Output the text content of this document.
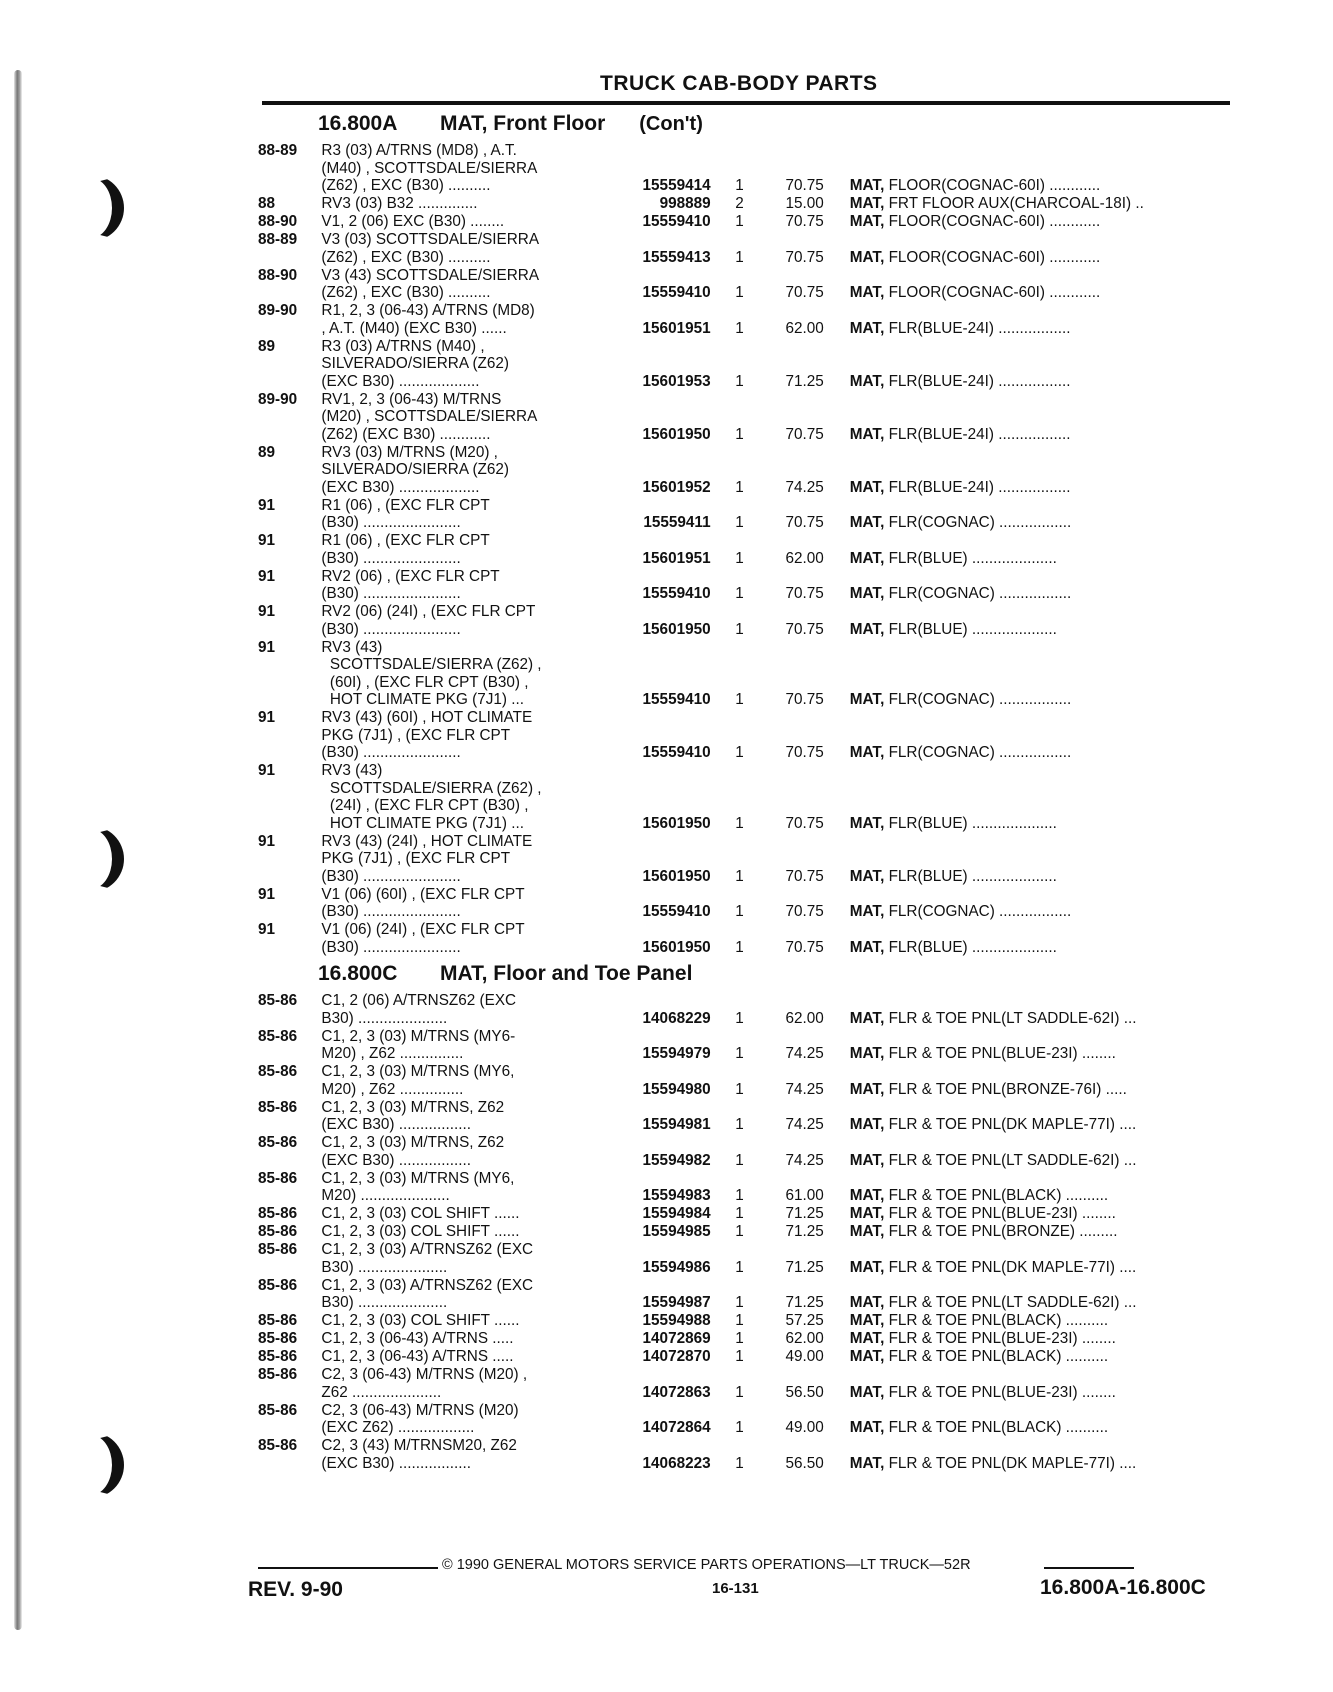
TRUCK CAB-BODY PARTS
16.800A	MAT, Front Floor (Con't)
88-89	R3 (03) A/TRNS (MD8) , A.T.
(M40) , SCOTTSDALE/SIERRA
(Z62) , EXC (B30) ..........	15559414	1	70.75 MAT, FLOOR(COGNAC-60I) ............
88	RV3 (03) B32 ..............	998889	2	15.00 MAT, FRT FLOOR AUX(CHARCOAL-18I) ..
88-90	V1, 2 (06) EXC (B30) ........	15559410	1	70.75 MAT, FLOOR(COGNAC-60I) ............
88-89	V3 (03) SCOTTSDALE/SIERRA
(Z62) , EXC (B30) ..........	15559413	1	70.75 MAT, FLOOR(COGNAC-60I) ............
88-90	V3 (43) SCOTTSDALE/SIERRA
(Z62) , EXC (B30) ..........	15559410	1	70.75 MAT, FLOOR(COGNAC-60I) ............
89-90	R1, 2, 3 (06-43) A/TRNS (MD8)
, A.T. (M40) (EXC B30) ......	15601951	1	62.00 MAT, FLR(BLUE-24I) .................
89	R3 (03) A/TRNS (M40) ,
SILVERADO/SIERRA (Z62)
(EXC B30) ...................	15601953	1	71.25 MAT, FLR(BLUE-24I) .................
89-90	RV1, 2, 3 (06-43) M/TRNS
(M20) , SCOTTSDALE/SIERRA
(Z62) (EXC B30) ............	15601950	1	70.75 MAT, FLR(BLUE-24I) .................
89	RV3 (03) M/TRNS (M20) ,
SILVERADO/SIERRA (Z62)
(EXC B30) ...................	15601952	1	74.25 MAT, FLR(BLUE-24I) .................
91	R1 (06) , (EXC FLR CPT
(B30) .......................	15559411	1	70.75 MAT, FLR(COGNAC) .................
91	R1 (06) , (EXC FLR CPT
(B30) .......................	15601951	1	62.00 MAT, FLR(BLUE) ....................
91	RV2 (06) , (EXC FLR CPT
(B30) .......................	15559410	1	70.75 MAT, FLR(COGNAC) .................
91	RV2 (06) (24I) , (EXC FLR CPT
(B30) .......................	15601950	1	70.75 MAT, FLR(BLUE) ....................
91	RV3 (43)
SCOTTSDALE/SIERRA (Z62) ,
(60I) , (EXC FLR CPT (B30) ,
HOT CLIMATE PKG (7J1) ...	15559410	1	70.75 MAT, FLR(COGNAC) .................
91	RV3 (43) (60I) , HOT CLIMATE
PKG (7J1) , (EXC FLR CPT
(B30) .......................	15559410	1	70.75 MAT, FLR(COGNAC) .................
91	RV3 (43)
SCOTTSDALE/SIERRA (Z62) ,
(24I) , (EXC FLR CPT (B30) ,
HOT CLIMATE PKG (7J1) ...	15601950	1	70.75 MAT, FLR(BLUE) ....................
91	RV3 (43) (24I) , HOT CLIMATE
PKG (7J1) , (EXC FLR CPT
(B30) .......................	15601950	1	70.75 MAT, FLR(BLUE) ....................
91	V1 (06) (60I) , (EXC FLR CPT
(B30) .......................	15559410	1	70.75 MAT, FLR(COGNAC) .................
91	V1 (06) (24I) , (EXC FLR CPT
(B30) .......................	15601950	1	70.75 MAT, FLR(BLUE) ....................
16.800C	MAT, Floor and Toe Panel
85-86	C1, 2 (06) A/TRNSZ62 (EXC
B30) .....................	14068229	1	62.00 MAT, FLR & TOE PNL(LT SADDLE-62I) ...
85-86	C1, 2, 3 (03) M/TRNS (MY6-
M20) , Z62 ...............	15594979	1	74.25 MAT, FLR & TOE PNL(BLUE-23I) ........
85-86	C1, 2, 3 (03) M/TRNS (MY6,
M20) , Z62 ...............	15594980	1	74.25 MAT, FLR & TOE PNL(BRONZE-76I) .....
85-86	C1, 2, 3 (03) M/TRNS, Z62
(EXC B30) .................	15594981	1	74.25 MAT, FLR & TOE PNL(DK MAPLE-77I) ....
85-86	C1, 2, 3 (03) M/TRNS, Z62
(EXC B30) .................	15594982	1	74.25 MAT, FLR & TOE PNL(LT SADDLE-62I) ...
85-86	C1, 2, 3 (03) M/TRNS (MY6,
M20) .....................	15594983	1	61.00 MAT, FLR & TOE PNL(BLACK) ..........
85-86	C1, 2, 3 (03) COL SHIFT ......	15594984	1	71.25 MAT, FLR & TOE PNL(BLUE-23I) ........
85-86	C1, 2, 3 (03) COL SHIFT ......	15594985	1	71.25 MAT, FLR & TOE PNL(BRONZE) .........
85-86	C1, 2, 3 (03) A/TRNSZ62 (EXC
B30) .....................	15594986	1	71.25 MAT, FLR & TOE PNL(DK MAPLE-77I) ....
85-86	C1, 2, 3 (03) A/TRNSZ62 (EXC
B30) .....................	15594987	1	71.25 MAT, FLR & TOE PNL(LT SADDLE-62I) ...
85-86	C1, 2, 3 (03) COL SHIFT ......	15594988	1	57.25 MAT, FLR & TOE PNL(BLACK) ..........
85-86	C1, 2, 3 (06-43) A/TRNS .....	14072869	1	62.00 MAT, FLR & TOE PNL(BLUE-23I) ........
85-86	C1, 2, 3 (06-43) A/TRNS .....	14072870	1	49.00 MAT, FLR & TOE PNL(BLACK) ..........
85-86	C2, 3 (06-43) M/TRNS (M20) ,
Z62 .....................	14072863	1	56.50 MAT, FLR & TOE PNL(BLUE-23I) ........
85-86	C2, 3 (06-43) M/TRNS (M20)
(EXC Z62) ..................	14072864	1	49.00 MAT, FLR & TOE PNL(BLACK) ..........
85-86	C2, 3 (43) M/TRNSM20, Z62
(EXC B30) .................	14068223	1	56.50 MAT, FLR & TOE PNL(DK MAPLE-77I) ....
© 1990 GENERAL MOTORS SERVICE PARTS OPERATIONS—LT TRUCK—52R
REV. 9-90	16-131	16.800A-16.800C
